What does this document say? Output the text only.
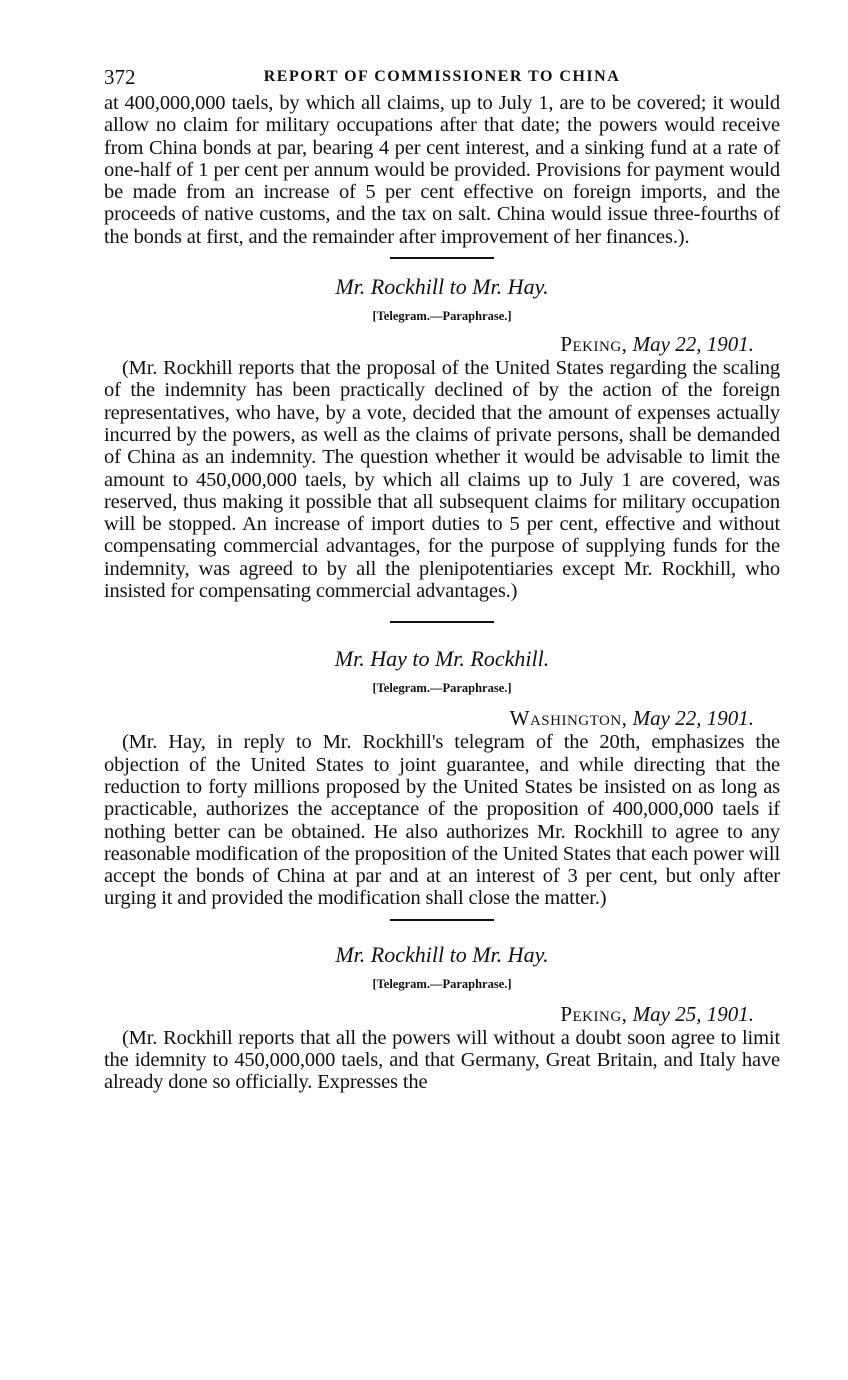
372	REPORT OF COMMISSIONER TO CHINA

at 400,000,000 taels, by which all claims, up to July 1, are to be covered; it would allow no claim for military occupations after that date; the powers would receive from China bonds at par, bearing 4 per cent interest, and a sinking fund at a rate of one-half of 1 per cent per annum would be provided. Provisions for payment would be made from an increase of 5 per cent effective on foreign imports, and the proceeds of native customs, and the tax on salt. China would issue three-fourths of the bonds at first, and the remainder after improvement of her finances.).

Mr. Rockhill to Mr. Hay.

[Telegram.—Paraphrase.]

Peking, May 22, 1901.

(Mr. Rockhill reports that the proposal of the United States regarding the scaling of the indemnity has been practically declined of by the action of the foreign representatives, who have, by a vote, decided that the amount of expenses actually incurred by the powers, as well as the claims of private persons, shall be demanded of China as an indemnity. The question whether it would be advisable to limit the amount to 450,000,000 taels, by which all claims up to July 1 are covered, was reserved, thus making it possible that all subsequent claims for military occupation will be stopped. An increase of import duties to 5 per cent, effective and without compensating commercial advantages, for the purpose of supplying funds for the indemnity, was agreed to by all the plenipotentiaries except Mr. Rockhill, who insisted for compensating commercial advantages.)

Mr. Hay to Mr. Rockhill.

[Telegram.—Paraphrase.]

Washington, May 22, 1901.

(Mr. Hay, in reply to Mr. Rockhill's telegram of the 20th, emphasizes the objection of the United States to joint guarantee, and while directing that the reduction to forty millions proposed by the United States be insisted on as long as practicable, authorizes the acceptance of the proposition of 400,000,000 taels if nothing better can be obtained. He also authorizes Mr. Rockhill to agree to any reasonable modification of the proposition of the United States that each power will accept the bonds of China at par and at an interest of 3 per cent, but only after urging it and provided the modification shall close the matter.)

Mr. Rockhill to Mr. Hay.

[Telegram.—Paraphrase.]

Peking, May 25, 1901.

(Mr. Rockhill reports that all the powers will without a doubt soon agree to limit the idemnity to 450,000,000 taels, and that Germany, Great Britain, and Italy have already done so officially. Expresses the
